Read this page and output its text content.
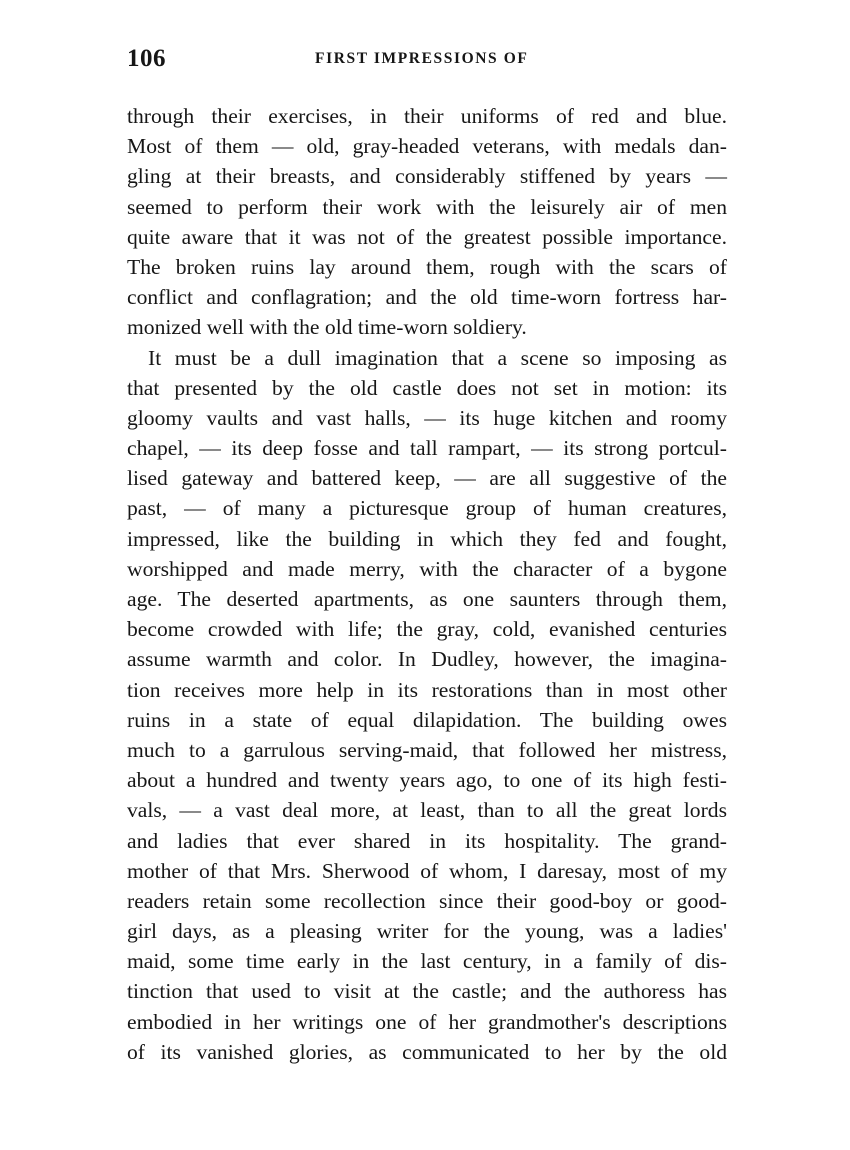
106	FIRST IMPRESSIONS OF
through their exercises, in their uniforms of red and blue.
Most of them — old, gray-headed veterans, with medals dan-
gling at their breasts, and considerably stiffened by years —
seemed to perform their work with the leisurely air of men
quite aware that it was not of the greatest possible importance.
The broken ruins lay around them, rough with the scars of
conflict and conflagration; and the old time-worn fortress har-
monized well with the old time-worn soldiery.
It must be a dull imagination that a scene so imposing as
that presented by the old castle does not set in motion: its
gloomy vaults and vast halls, — its huge kitchen and roomy
chapel, — its deep fosse and tall rampart, — its strong portcul-
lised gateway and battered keep, — are all suggestive of the
past, — of many a picturesque group of human creatures,
impressed, like the building in which they fed and fought,
worshipped and made merry, with the character of a bygone
age. The deserted apartments, as one saunters through them,
become crowded with life; the gray, cold, evanished centuries
assume warmth and color. In Dudley, however, the imagina-
tion receives more help in its restorations than in most other
ruins in a state of equal dilapidation. The building owes
much to a garrulous serving-maid, that followed her mistress,
about a hundred and twenty years ago, to one of its high festi-
vals, — a vast deal more, at least, than to all the great lords
and ladies that ever shared in its hospitality. The grand-
mother of that Mrs. Sherwood of whom, I daresay, most of my
readers retain some recollection since their good-boy or good-
girl days, as a pleasing writer for the young, was a ladies'
maid, some time early in the last century, in a family of dis-
tinction that used to visit at the castle; and the authoress has
embodied in her writings one of her grandmother's descriptions
of its vanished glories, as communicated to her by the old
